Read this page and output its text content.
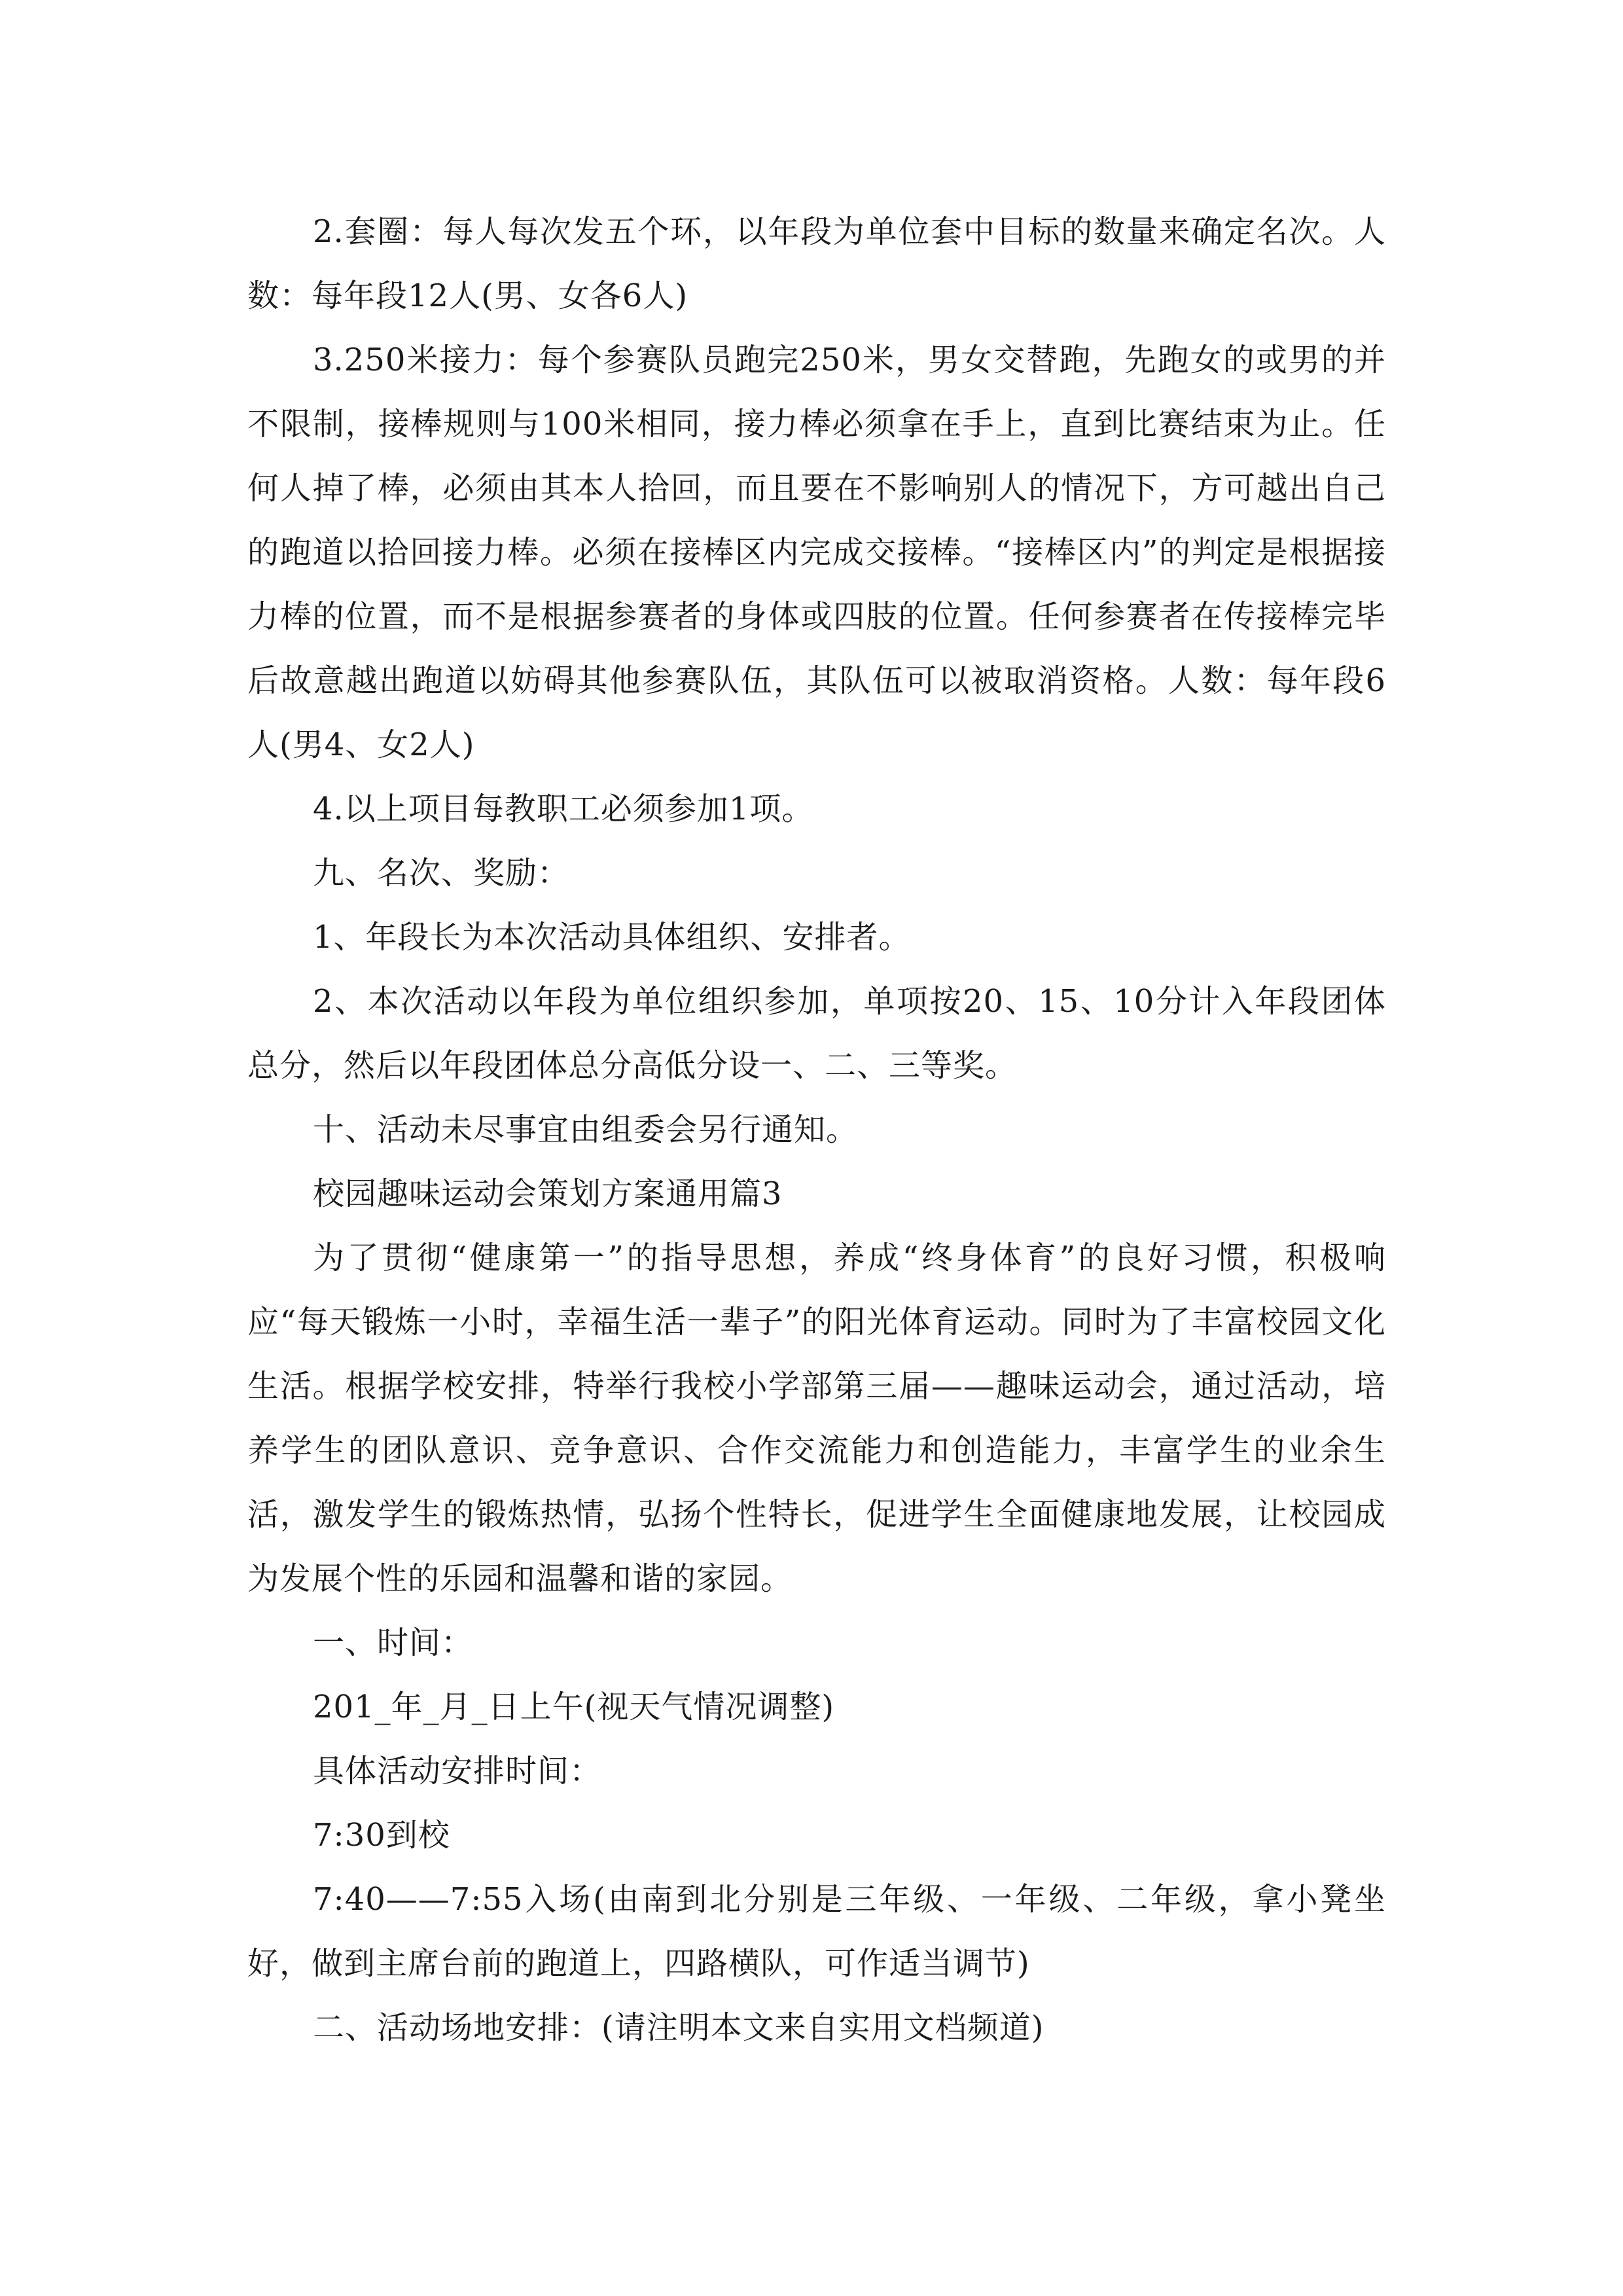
2.套圈：每人每次发五个环，以年段为单位套中目标的数量来确定名次。人数：每年段12人(男、女各6人)

3.250米接力：每个参赛队员跑完250米，男女交替跑，先跑女的或男的并不限制，接棒规则与100米相同，接力棒必须拿在手上，直到比赛结束为止。任何人掉了棒，必须由其本人拾回，而且要在不影响别人的情况下，方可越出自己的跑道以拾回接力棒。必须在接棒区内完成交接棒。“接棒区内”的判定是根据接力棒的位置，而不是根据参赛者的身体或四肢的位置。任何参赛者在传接棒完毕后故意越出跑道以妨碍其他参赛队伍，其队伍可以被取消资格。人数：每年段6人(男4、女2人)

4.以上项目每教职工必须参加1项。

九、名次、奖励：

1、年段长为本次活动具体组织、安排者。

2、本次活动以年段为单位组织参加，单项按20、15、10分计入年段团体总分，然后以年段团体总分高低分设一、二、三等奖。

十、活动未尽事宜由组委会另行通知。

校园趣味运动会策划方案通用篇3

为了贯彻“健康第一”的指导思想，养成“终身体育”的良好习惯，积极响应“每天锻炼一小时，幸福生活一辈子”的阳光体育运动。同时为了丰富校园文化生活。根据学校安排，特举行我校小学部第三届——趣味运动会，通过活动，培养学生的团队意识、竞争意识、合作交流能力和创造能力，丰富学生的业余生活，激发学生的锻炼热情，弘扬个性特长，促进学生全面健康地发展，让校园成为发展个性的乐园和温馨和谐的家园。

一、时间：

201_年_月_日上午(视天气情况调整)

具体活动安排时间：

7:30到校

7:40——7:55入场(由南到北分别是三年级、一年级、二年级，拿小凳坐好，做到主席台前的跑道上，四路横队，可作适当调节)

二、活动场地安排：(请注明本文来自实用文档频道)
